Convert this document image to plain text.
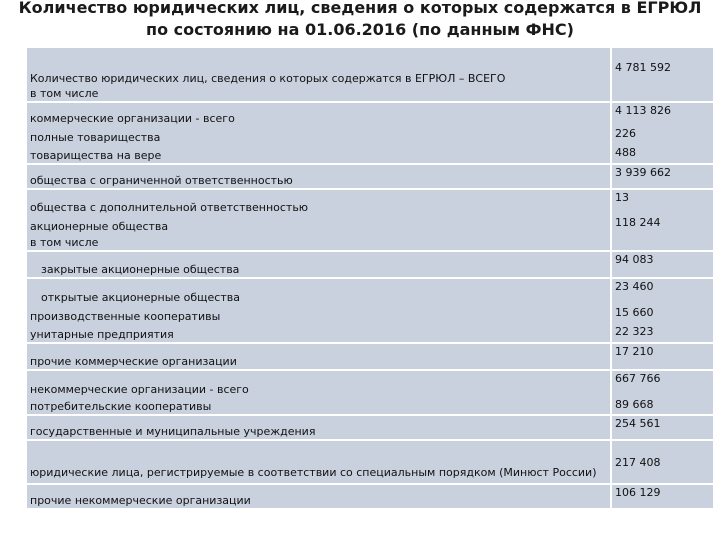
Количество юридических лиц, сведения о которых содержатся в ЕГРЮЛ
по состоянию на 01.06.2016 (по данным ФНС)
Количество юридических лиц, сведения о которых содержатся в ЕГРЮЛ – ВСЕГО	4 781 592
в том числе	
коммерческие организации - всего	4 113 826
полные товарищества	226
товарищества на вере	488
общества с ограниченной ответственностью	3 939 662
общества с дополнительной ответственностью	13
акционерные общества	118 244
в том числе	
закрытые акционерные общества	94 083
открытые акционерные общества	23 460
производственные кооперативы	15 660
унитарные предприятия	22 323
прочие коммерческие организации	17 210
некоммерческие организации - всего	667 766
потребительские кооперативы	89 668
государственные и муниципальные учреждения	254 561
юридические лица, регистрируемые в соответствии со специальным порядком (Минюст России)	217 408
прочие некоммерческие организации	106 129
